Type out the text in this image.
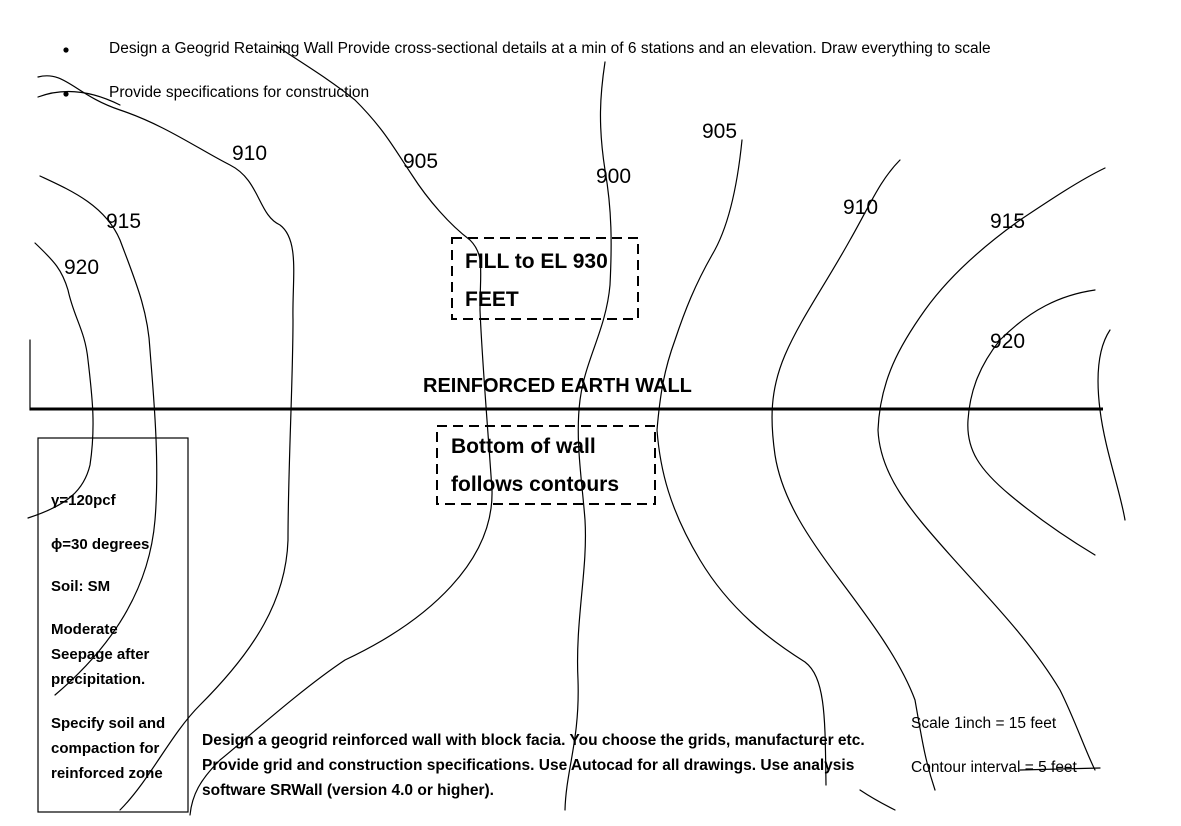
Design a Geogrid Retaining Wall Provide cross-sectional details at a min of 6 stations and an elevation. Draw everything to scale
Provide specifications for construction
910	905
900
905
910
915	915
920
920
FILL to EL 930
FEET
REINFORCED EARTH WALL
Bottom of wall
follows contours
γ=120pcf
ϕ=30 degrees
Soil: SM
Moderate
Seepage after
precipitation.
Specify soil and
compaction for
reinforced zone
Design a geogrid reinforced wall with block facia. You choose the grids, manufacturer etc.
Provide grid and construction specifications. Use Autocad for all drawings. Use analysis
software SRWall (version 4.0 or higher).
Scale 1inch = 15 feet
Contour interval = 5 feet
